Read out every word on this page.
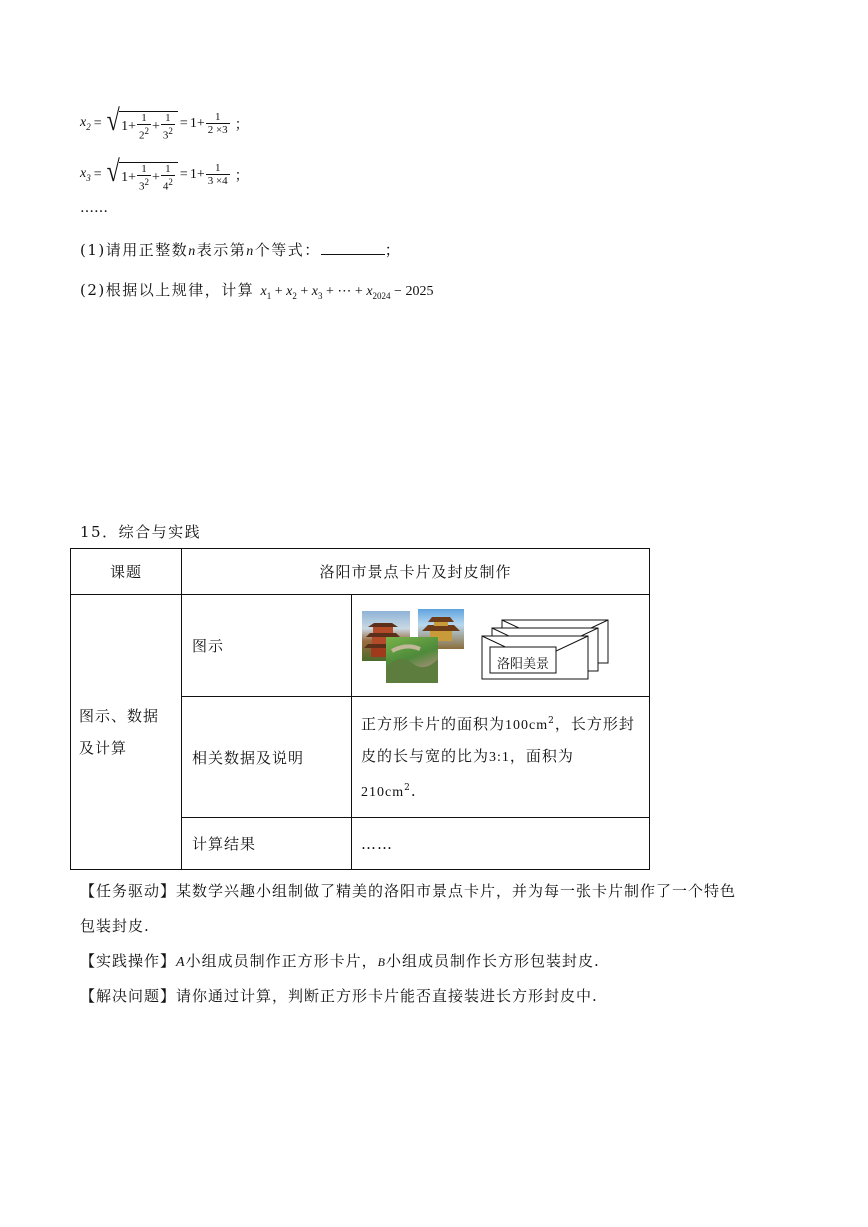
$x_2$ = √ $1 + \frac{1}{2^2} + \frac{1}{3^2} = 1 + \frac{1}{2 \times 3}$ ；
$x_3$ = √ $1 + \frac{1}{3^2} + \frac{1}{4^2} = 1 + \frac{1}{3 \times 4}$ ；
……
(1)请用正整数n表示第n个等式：	；
(2)根据以上规律，计算 $x_1 + x_2 + x_3$ + ⋯ + $x_{2024} - 2025$
15．综合与实践
课题	洛阳市景点卡片及封皮制作	

图示、数据
及计算	图示	洛阳美景

	相关数据及说明	正方形卡片的面积为$100cm^2$，长方形封
皮的长与宽的比为3:1，面积为
$210cm^2$.

	计算结果	……
【任务驱动】某数学兴趣小组制做了精美的洛阳市景点卡片，并为每一张卡片制作了一个特色
包装封皮.
【实践操作】A小组成员制作正方形卡片，B小组成员制作长方形包装封皮.
【解决问题】请你通过计算，判断正方形卡片能否直接装进长方形封皮中.
